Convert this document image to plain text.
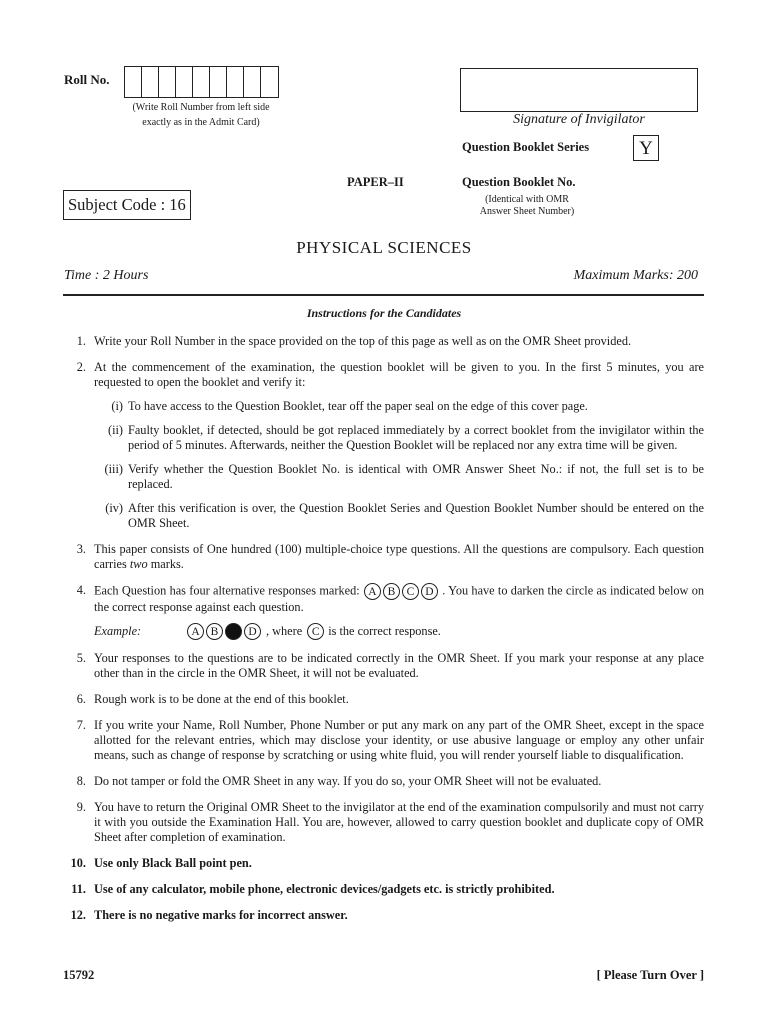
Roll No.
(Write Roll Number from left side
exactly as in the Admit Card)	Signature of Invigilator
Question Booklet Series	Y
PAPER–II	Question Booklet No.
(Identical with OMR
Answer Sheet Number)
Subject Code : 16
PHYSICAL SCIENCES
Time : 2 Hours	Maximum Marks: 200
Instructions for the Candidates
1. Write your Roll Number in the space provided on the top of this page as well as on the OMR Sheet provided.
2. At the commencement of the examination, the question booklet will be given to you. In the first 5 minutes, you are requested to open the booklet and verify it:
(i) To have access to the Question Booklet, tear off the paper seal on the edge of this cover page.
(ii) Faulty booklet, if detected, should be got replaced immediately by a correct booklet from the invigilator within the period of 5 minutes. Afterwards, neither the Question Booklet will be replaced nor any extra time will be given.
(iii) Verify whether the Question Booklet No. is identical with OMR Answer Sheet No.: if not, the full set is to be replaced.
(iv) After this verification is over, the Question Booklet Series and Question Booklet Number should be entered on the OMR Sheet.
3. This paper consists of One hundred (100) multiple-choice type questions. All the questions are compulsory. Each question carries two marks.
4. Each Question has four alternative responses marked: A B C D . You have to darken the circle as indicated below on the correct response against each question.
Example:	A B	D , where C is the correct response.
5. Your responses to the questions are to be indicated correctly in the OMR Sheet. If you mark your response at any place other than in the circle in the OMR Sheet, it will not be evaluated.
6. Rough work is to be done at the end of this booklet.
7. If you write your Name, Roll Number, Phone Number or put any mark on any part of the OMR Sheet, except in the space allotted for the relevant entries, which may disclose your identity, or use abusive language or employ any other unfair means, such as change of response by scratching or using white fluid, you will render yourself liable to disqualification.
8. Do not tamper or fold the OMR Sheet in any way. If you do so, your OMR Sheet will not be evaluated.
9. You have to return the Original OMR Sheet to the invigilator at the end of the examination compulsorily and must not carry it with you outside the Examination Hall. You are, however, allowed to carry question booklet and duplicate copy of OMR Sheet after completion of examination.
10. Use only Black Ball point pen.
11. Use of any calculator, mobile phone, electronic devices/gadgets etc. is strictly prohibited.
12. There is no negative marks for incorrect answer.
15792	[ Please Turn Over ]
